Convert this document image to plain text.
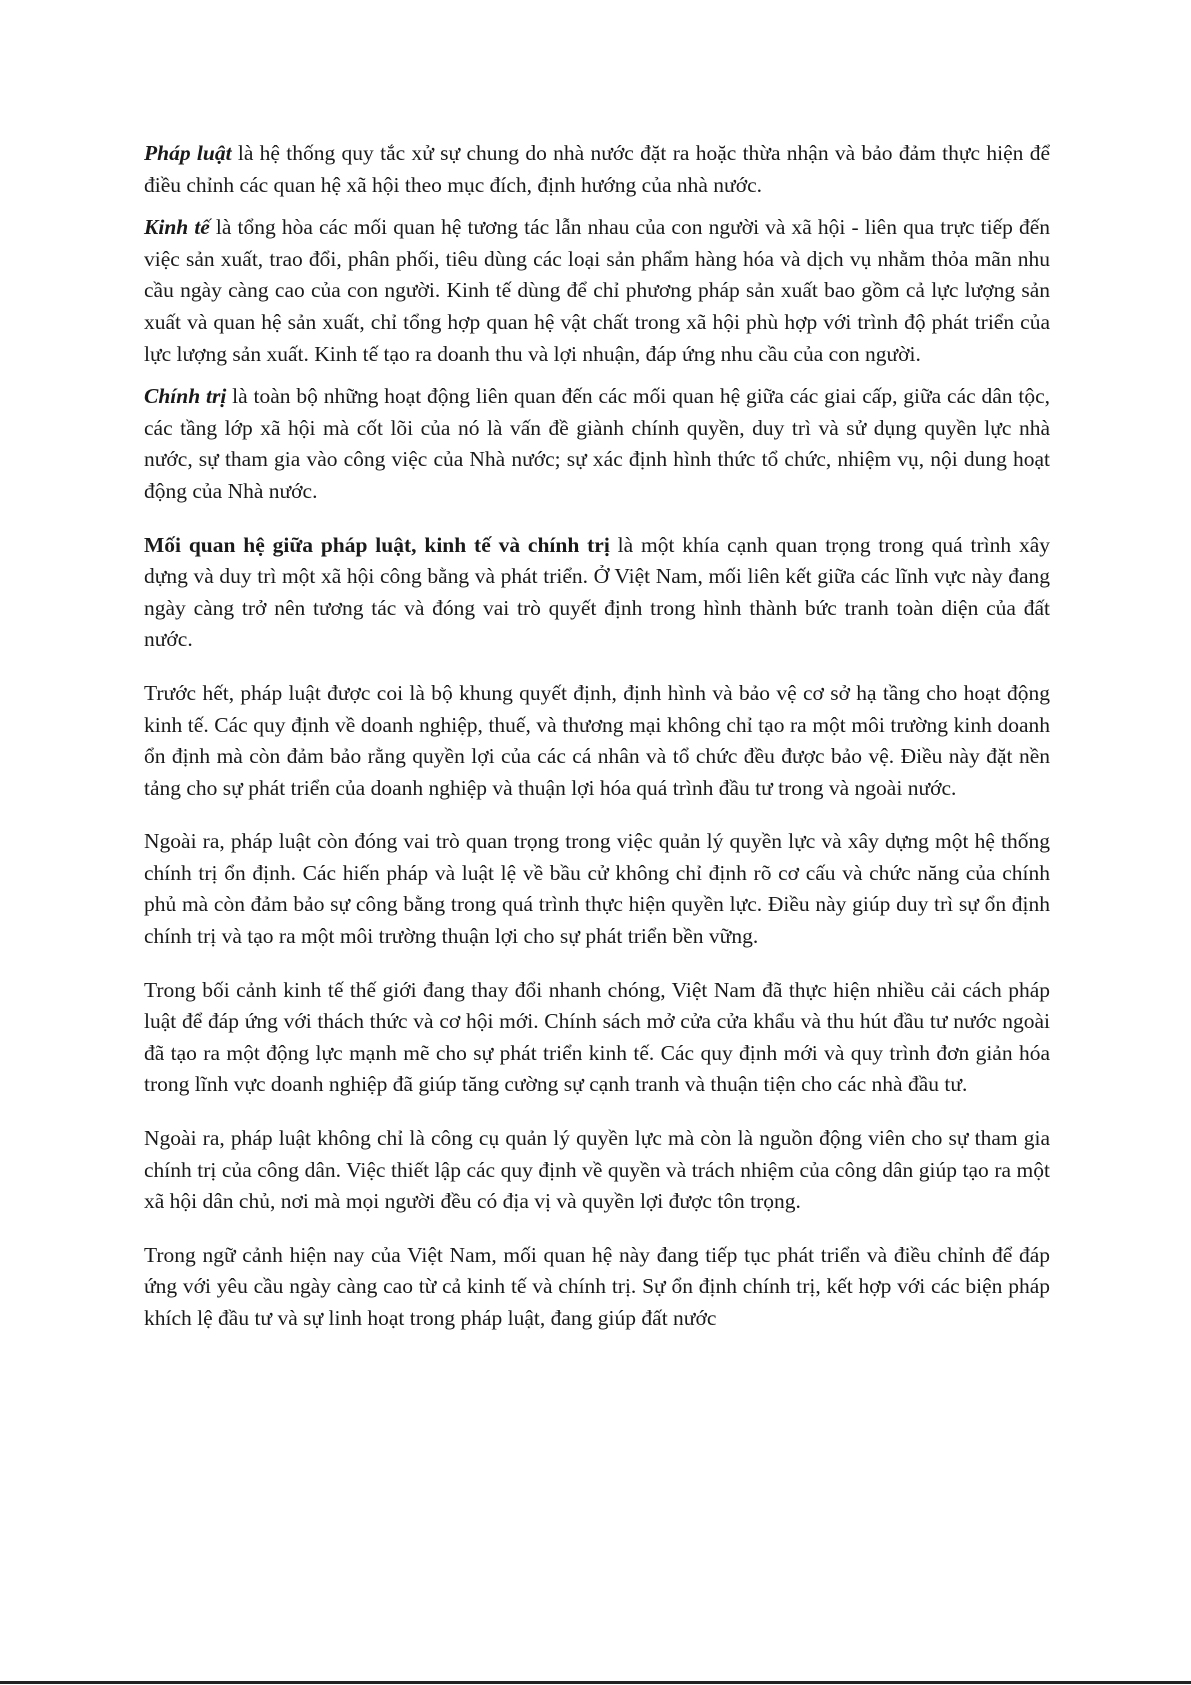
Pháp luật là hệ thống quy tắc xử sự chung do nhà nước đặt ra hoặc thừa nhận và bảo đảm thực hiện để điều chỉnh các quan hệ xã hội theo mục đích, định hướng của nhà nước.

Kinh tế là tổng hòa các mối quan hệ tương tác lẫn nhau của con người và xã hội - liên qua trực tiếp đến việc sản xuất, trao đổi, phân phối, tiêu dùng các loại sản phẩm hàng hóa và dịch vụ nhằm thỏa mãn nhu cầu ngày càng cao của con người. Kinh tế dùng để chỉ phương pháp sản xuất bao gồm cả lực lượng sản xuất và quan hệ sản xuất, chỉ tổng hợp quan hệ vật chất trong xã hội phù hợp với trình độ phát triển của lực lượng sản xuất. Kinh tế tạo ra doanh thu và lợi nhuận, đáp ứng nhu cầu của con người.

Chính trị là toàn bộ những hoạt động liên quan đến các mối quan hệ giữa các giai cấp, giữa các dân tộc, các tầng lớp xã hội mà cốt lõi của nó là vấn đề giành chính quyền, duy trì và sử dụng quyền lực nhà nước, sự tham gia vào công việc của Nhà nước; sự xác định hình thức tổ chức, nhiệm vụ, nội dung hoạt động của Nhà nước.

Mối quan hệ giữa pháp luật, kinh tế và chính trị là một khía cạnh quan trọng trong quá trình xây dựng và duy trì một xã hội công bằng và phát triển. Ở Việt Nam, mối liên kết giữa các lĩnh vực này đang ngày càng trở nên tương tác và đóng vai trò quyết định trong hình thành bức tranh toàn diện của đất nước.

Trước hết, pháp luật được coi là bộ khung quyết định, định hình và bảo vệ cơ sở hạ tầng cho hoạt động kinh tế. Các quy định về doanh nghiệp, thuế, và thương mại không chỉ tạo ra một môi trường kinh doanh ổn định mà còn đảm bảo rằng quyền lợi của các cá nhân và tổ chức đều được bảo vệ. Điều này đặt nền tảng cho sự phát triển của doanh nghiệp và thuận lợi hóa quá trình đầu tư trong và ngoài nước.

Ngoài ra, pháp luật còn đóng vai trò quan trọng trong việc quản lý quyền lực và xây dựng một hệ thống chính trị ổn định. Các hiến pháp và luật lệ về bầu cử không chỉ định rõ cơ cấu và chức năng của chính phủ mà còn đảm bảo sự công bằng trong quá trình thực hiện quyền lực. Điều này giúp duy trì sự ổn định chính trị và tạo ra một môi trường thuận lợi cho sự phát triển bền vững.

Trong bối cảnh kinh tế thế giới đang thay đổi nhanh chóng, Việt Nam đã thực hiện nhiều cải cách pháp luật để đáp ứng với thách thức và cơ hội mới. Chính sách mở cửa cửa khẩu và thu hút đầu tư nước ngoài đã tạo ra một động lực mạnh mẽ cho sự phát triển kinh tế. Các quy định mới và quy trình đơn giản hóa trong lĩnh vực doanh nghiệp đã giúp tăng cường sự cạnh tranh và thuận tiện cho các nhà đầu tư.

Ngoài ra, pháp luật không chỉ là công cụ quản lý quyền lực mà còn là nguồn động viên cho sự tham gia chính trị của công dân. Việc thiết lập các quy định về quyền và trách nhiệm của công dân giúp tạo ra một xã hội dân chủ, nơi mà mọi người đều có địa vị và quyền lợi được tôn trọng.

Trong ngữ cảnh hiện nay của Việt Nam, mối quan hệ này đang tiếp tục phát triển và điều chỉnh để đáp ứng với yêu cầu ngày càng cao từ cả kinh tế và chính trị. Sự ổn định chính trị, kết hợp với các biện pháp khích lệ đầu tư và sự linh hoạt trong pháp luật, đang giúp đất nước
